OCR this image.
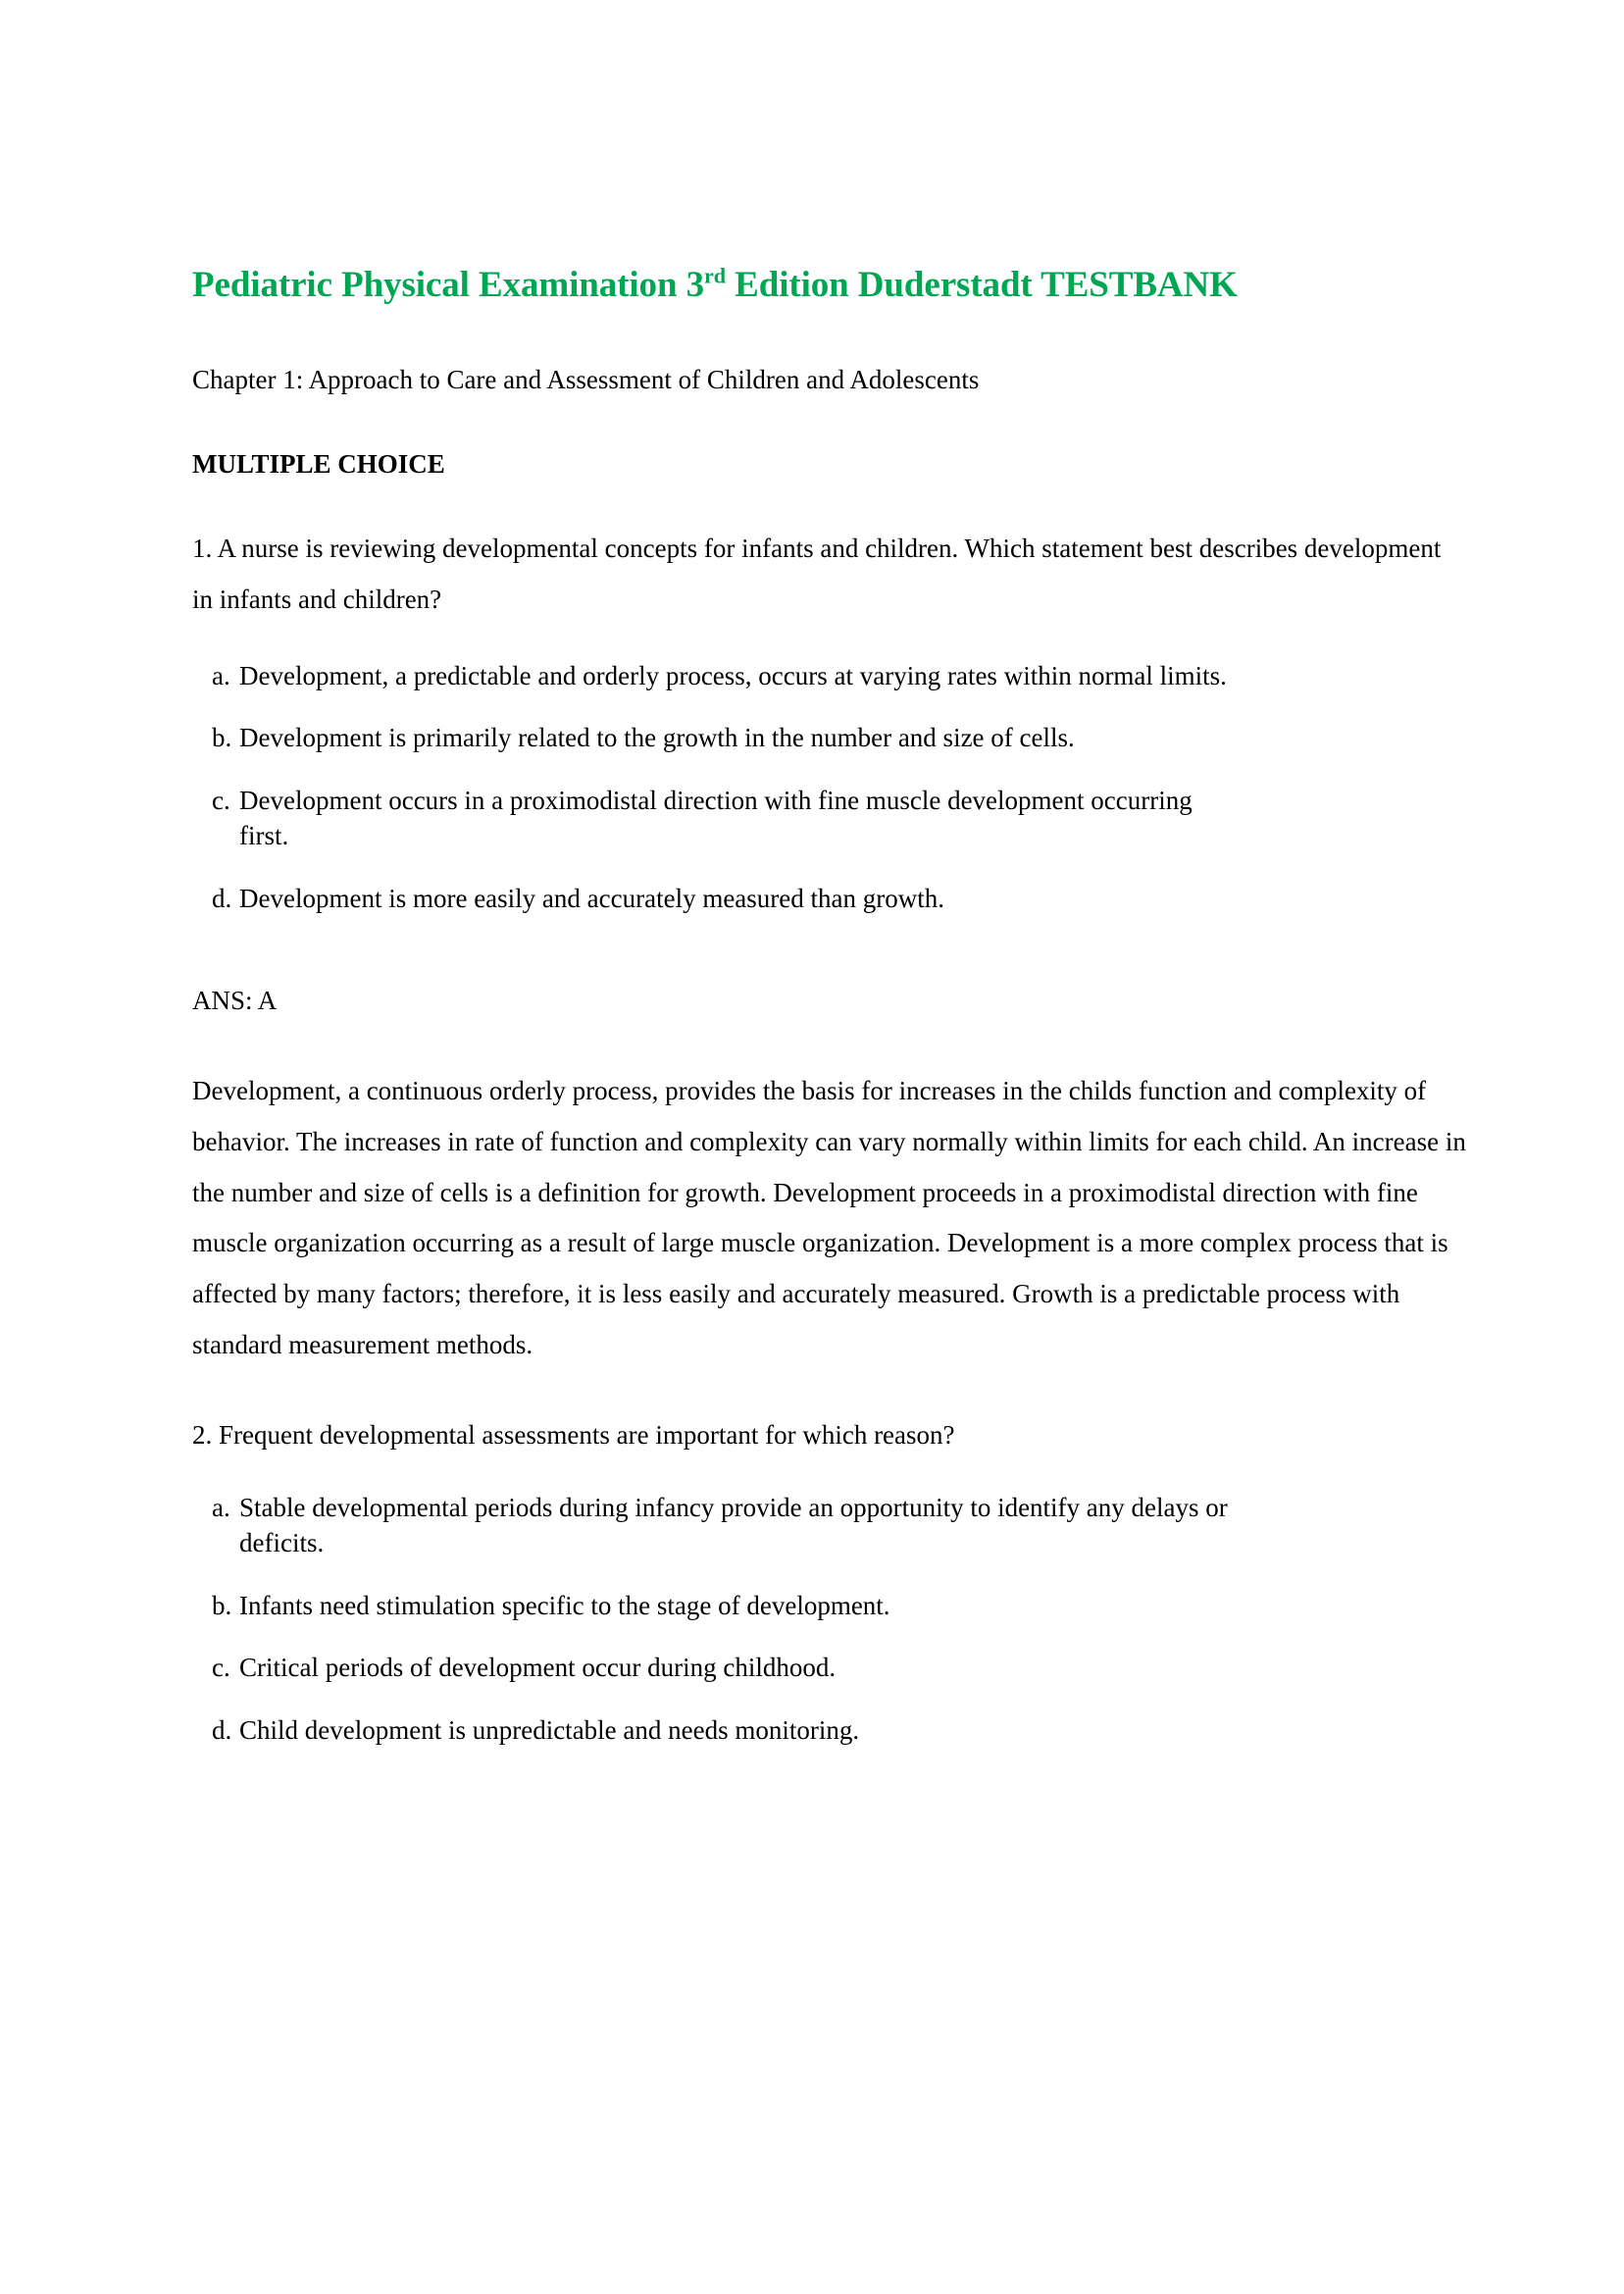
Pediatric Physical Examination 3rd Edition Duderstadt TESTBANK

Chapter 1: Approach to Care and Assessment of Children and Adolescents

MULTIPLE CHOICE

1. A nurse is reviewing developmental concepts for infants and children. Which statement best describes development in infants and children?

a. Development, a predictable and orderly process, occurs at varying rates within normal limits.
b. Development is primarily related to the growth in the number and size of cells.
c. Development occurs in a proximodistal direction with fine muscle development occurring first.
d. Development is more easily and accurately measured than growth.

ANS: A

Development, a continuous orderly process, provides the basis for increases in the childs function and complexity of behavior. The increases in rate of function and complexity can vary normally within limits for each child. An increase in the number and size of cells is a definition for growth. Development proceeds in a proximodistal direction with fine muscle organization occurring as a result of large muscle organization. Development is a more complex process that is affected by many factors; therefore, it is less easily and accurately measured. Growth is a predictable process with standard measurement methods.

2. Frequent developmental assessments are important for which reason?

a. Stable developmental periods during infancy provide an opportunity to identify any delays or deficits.
b. Infants need stimulation specific to the stage of development.
c. Critical periods of development occur during childhood.
d. Child development is unpredictable and needs monitoring.
